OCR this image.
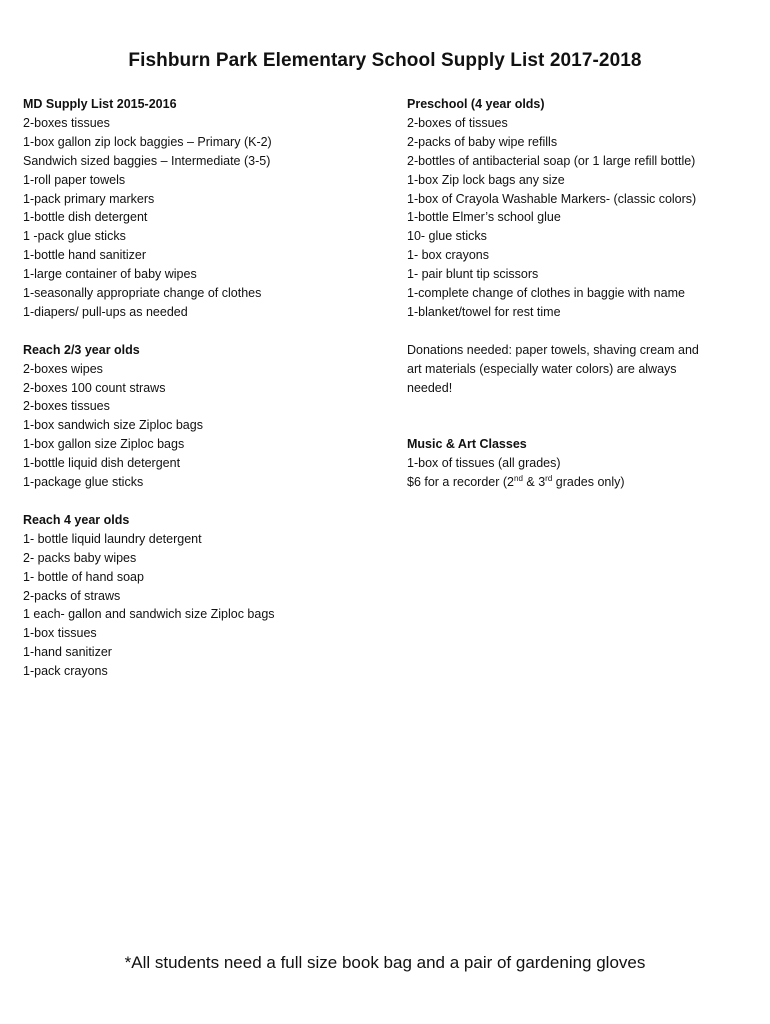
Fishburn Park Elementary School Supply List 2017-2018
MD Supply List 2015-2016
2-boxes tissues
1-box gallon zip lock baggies – Primary (K-2)
Sandwich sized baggies – Intermediate (3-5)
1-roll paper towels
1-pack primary markers
1-bottle dish detergent
1 -pack glue sticks
1-bottle hand sanitizer
1-large container of baby wipes
1-seasonally appropriate change of clothes
1-diapers/ pull-ups as needed
Reach 2/3 year olds
2-boxes wipes
2-boxes 100 count straws
2-boxes tissues
1-box sandwich size Ziploc bags
1-box gallon size Ziploc bags
1-bottle liquid dish detergent
1-package glue sticks
Reach 4 year olds
1- bottle liquid laundry detergent
2- packs baby wipes
1- bottle of hand soap
2-packs of straws
1 each- gallon and sandwich size Ziploc bags
1-box tissues
1-hand sanitizer
1-pack crayons
Preschool (4 year olds)
2-boxes of tissues
2-packs of baby wipe refills
2-bottles of antibacterial soap (or 1 large refill bottle)
1-box Zip lock bags any size
1-box of Crayola Washable Markers- (classic colors)
1-bottle Elmer’s school glue
10- glue sticks
1- box crayons
1- pair blunt tip scissors
1-complete change of clothes in baggie with name
1-blanket/towel for rest time
Donations needed: paper towels, shaving cream and
art materials (especially water colors) are always
needed!
Music & Art Classes
1-box of tissues (all grades)
$6 for a recorder (2nd & 3rd grades only)
*All students need a full size book bag and a pair of gardening gloves
